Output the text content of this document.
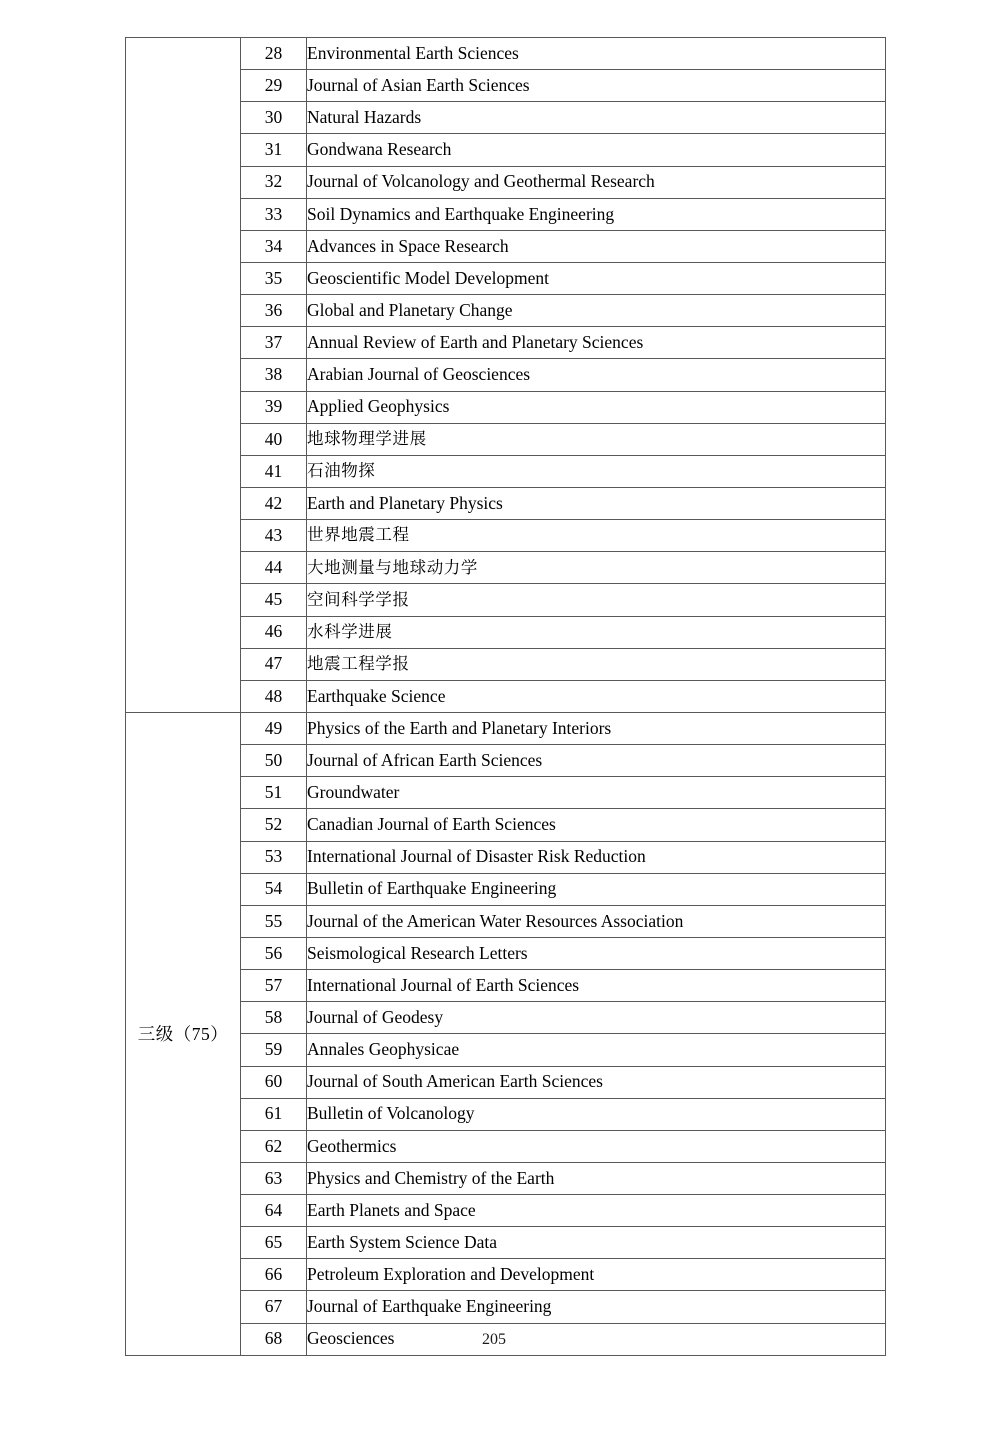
	28	Environmental Earth Sciences
	29	Journal of Asian Earth Sciences
	30	Natural Hazards
	31	Gondwana Research
	32	Journal of Volcanology and Geothermal Research
	33	Soil Dynamics and Earthquake Engineering
	34	Advances in Space Research
	35	Geoscientific Model Development
	36	Global and Planetary Change
	37	Annual Review of Earth and Planetary Sciences
	38	Arabian Journal of Geosciences
	39	Applied Geophysics
	40	地球物理学进展
	41	石油物探
	42	Earth and Planetary Physics
	43	世界地震工程
	44	大地测量与地球动力学
	45	空间科学学报
	46	水科学进展
	47	地震工程学报
	48	Earthquake Science
三级（75）	49	Physics of the Earth and Planetary Interiors
	50	Journal of African Earth Sciences
	51	Groundwater
	52	Canadian Journal of Earth Sciences
	53	International Journal of Disaster Risk Reduction
	54	Bulletin of Earthquake Engineering
	55	Journal of the American Water Resources Association
	56	Seismological Research Letters
	57	International Journal of Earth Sciences
	58	Journal of Geodesy
	59	Annales Geophysicae
	60	Journal of South American Earth Sciences
	61	Bulletin of Volcanology
	62	Geothermics
	63	Physics and Chemistry of the Earth
	64	Earth Planets and Space
	65	Earth System Science Data
	66	Petroleum Exploration and Development
	67	Journal of Earthquake Engineering
	68	Geosciences	205
